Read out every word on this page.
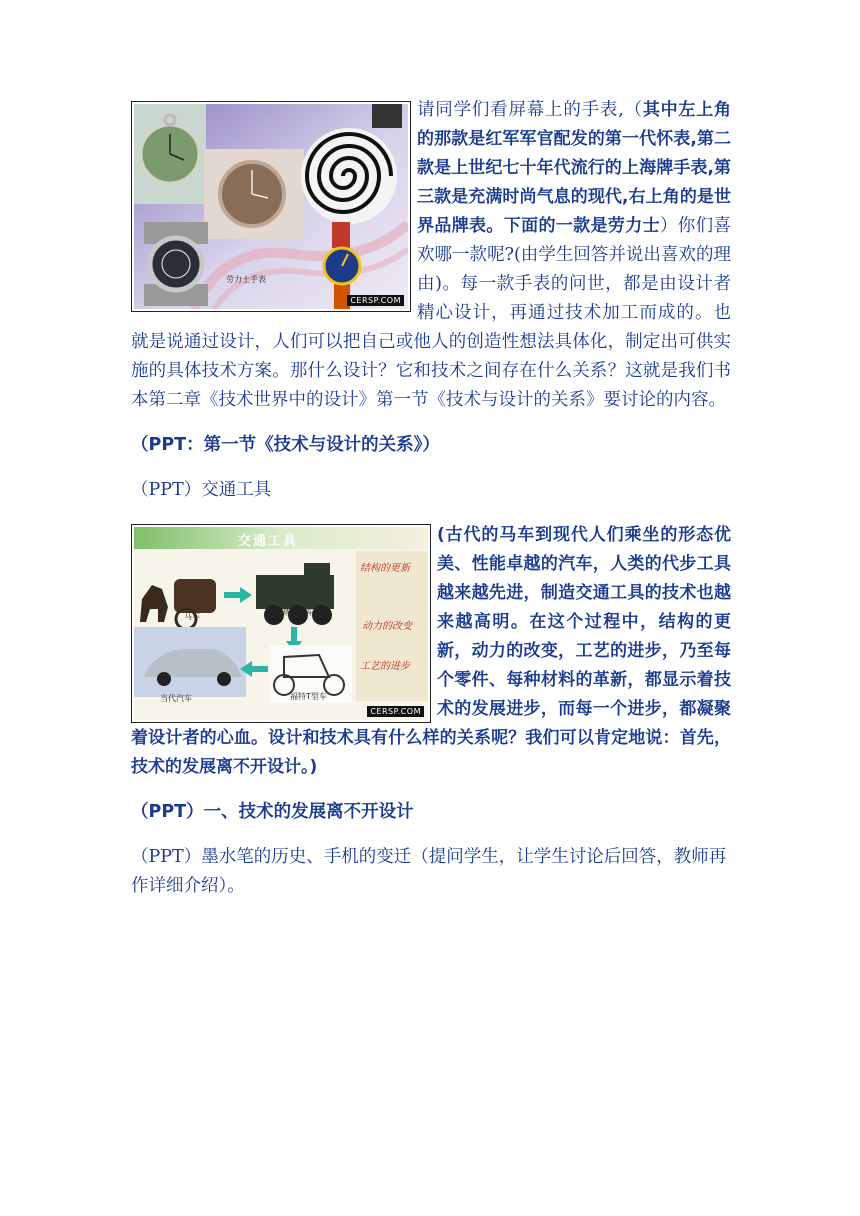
劳力士手表
CERSP.COM

请同学们看屏幕上的手表,（其中左上角的那款是红军军官配发的第一代怀表,第二款是上世纪七十年代流行的上海牌手表,第三款是充满时尚气息的现代,右上角的是世界品牌表。下面的一款是劳力士）你们喜欢哪一款呢?(由学生回答并说出喜欢的理由)。每一款手表的问世，都是由设计者精心设计，再通过技术加工而成的。也就是说通过设计，人们可以把自己或他人的创造性想法具体化，制定出可供实施的具体技术方案。那什么设计？它和技术之间存在什么关系？这就是我们书本第二章《技术世界中的设计》第一节《技术与设计的关系》要讨论的内容。

（PPT：第一节《技术与设计的关系》）

（PPT）交通工具

交通工具
马车	蒸气机车
福特T型车
当代汽车
结构的更新
动力的改变
工艺的进步
CERSP.COM

(古代的马车到现代人们乘坐的形态优美、性能卓越的汽车，人类的代步工具越来越先进，制造交通工具的技术也越来越高明。在这个过程中，结构的更新，动力的改变，工艺的进步，乃至每个零件、每种材料的革新，都显示着技术的发展进步，而每一个进步，都凝聚着设计者的心血。设计和技术具有什么样的关系呢？我们可以肯定地说：首先，技术的发展离不开设计。)

（PPT）一、技术的发展离不开设计

（PPT）墨水笔的历史、手机的变迁（提问学生，让学生讨论后回答，教师再作详细介绍）。
